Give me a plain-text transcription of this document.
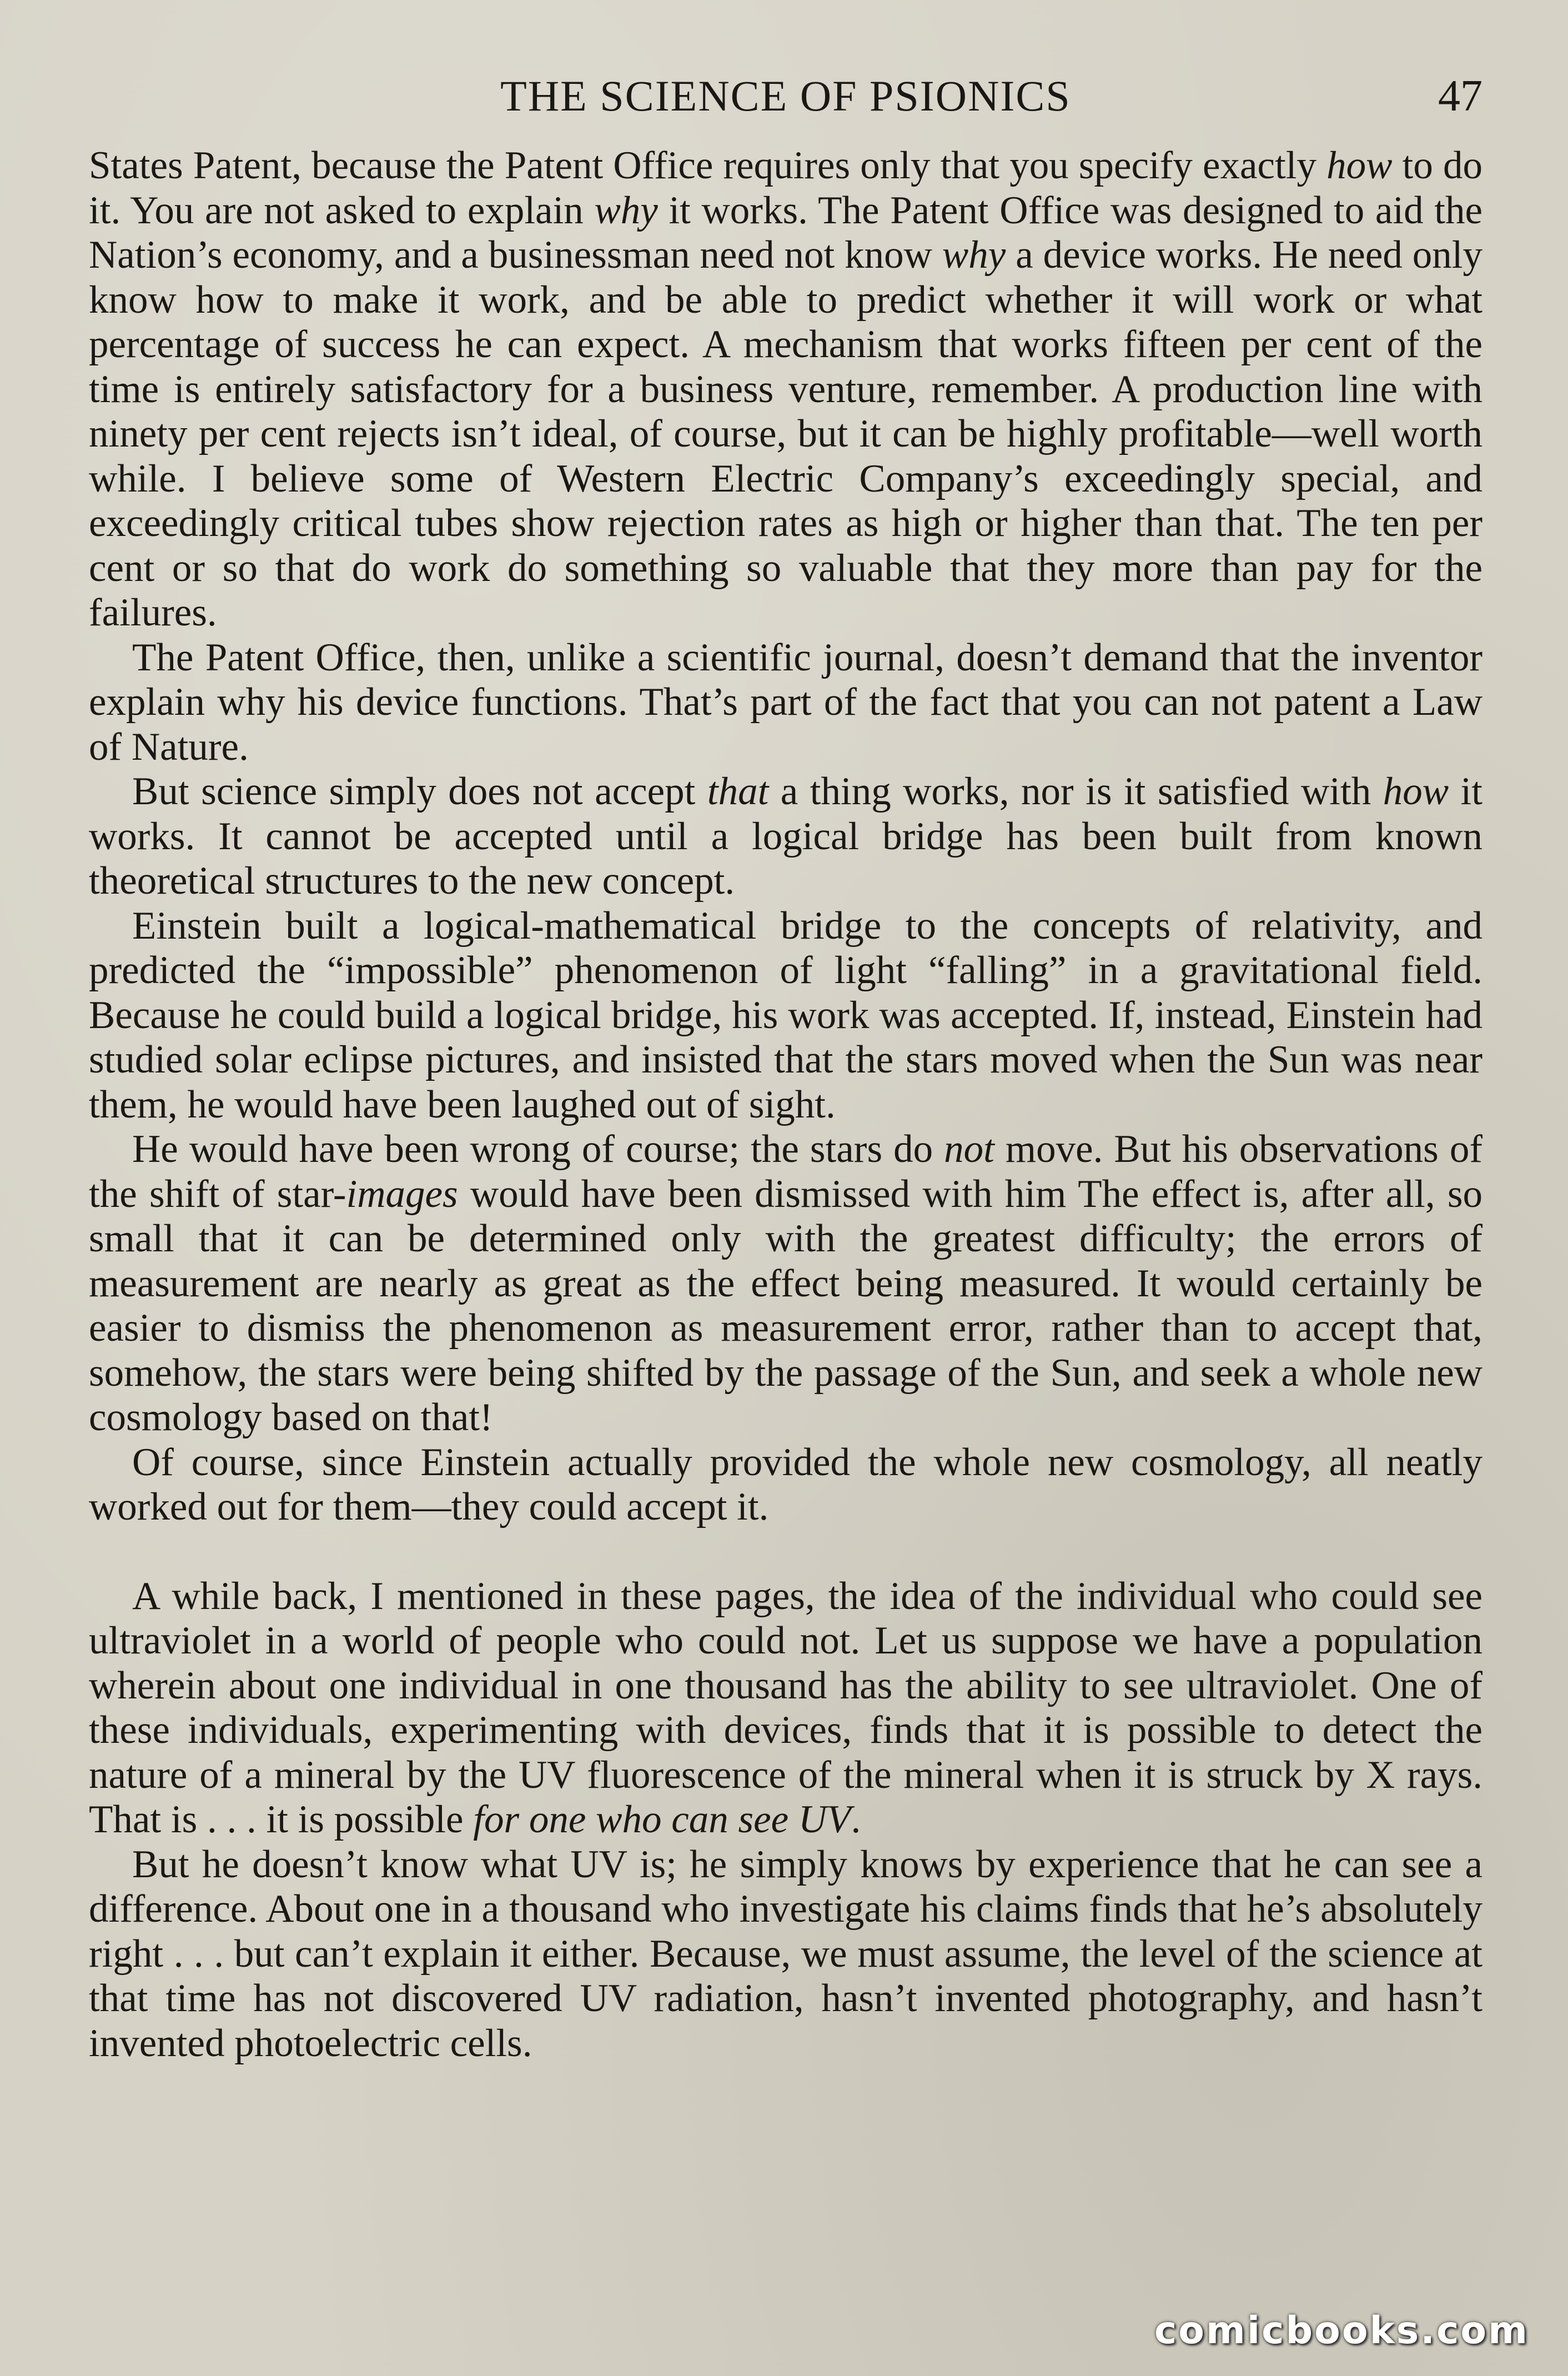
THE SCIENCE OF PSIONICS	47

States Patent, because the Patent Office requires only that you specify exactly how to do it. You are not asked to explain why it works. The Patent Office was designed to aid the Nation’s economy, and a businessman need not know why a device works. He need only know how to make it work, and be able to predict whether it will work or what percentage of success he can expect. A mechanism that works fifteen per cent of the time is entirely satisfactory for a business venture, remember. A production line with ninety per cent rejects isn’t ideal, of course, but it can be highly profitable—well worth while. I believe some of Western Electric Company’s exceedingly special, and exceedingly critical tubes show rejection rates as high or higher than that. The ten per cent or so that do work do something so valuable that they more than pay for the failures.

The Patent Office, then, unlike a scientific journal, doesn’t demand that the inventor explain why his device functions. That’s part of the fact that you can not patent a Law of Nature.

But science simply does not accept that a thing works, nor is it satisfied with how it works. It cannot be accepted until a logical bridge has been built from known theoretical structures to the new concept.

Einstein built a logical-mathematical bridge to the concepts of relativity, and predicted the “impossible” phenomenon of light “falling” in a gravitational field. Because he could build a logical bridge, his work was accepted. If, instead, Einstein had studied solar eclipse pictures, and insisted that the stars moved when the Sun was near them, he would have been laughed out of sight.

He would have been wrong of course; the stars do not move. But his observations of the shift of star-images would have been dismissed with him The effect is, after all, so small that it can be determined only with the greatest difficulty; the errors of measurement are nearly as great as the effect being measured. It would certainly be easier to dismiss the phenomenon as measurement error, rather than to accept that, somehow, the stars were being shifted by the passage of the Sun, and seek a whole new cosmology based on that!

Of course, since Einstein actually provided the whole new cosmology, all neatly worked out for them—they could accept it.

A while back, I mentioned in these pages, the idea of the individual who could see ultraviolet in a world of people who could not. Let us suppose we have a population wherein about one individual in one thousand has the ability to see ultraviolet. One of these individuals, experimenting with devices, finds that it is possible to detect the nature of a mineral by the UV fluorescence of the mineral when it is struck by X rays. That is . . . it is possible for one who can see UV.

But he doesn’t know what UV is; he simply knows by experience that he can see a difference. About one in a thousand who investigate his claims finds that he’s absolutely right . . . but can’t explain it either. Because, we must assume, the level of the science at that time has not discovered UV radiation, hasn’t invented photography, and hasn’t invented photoelectric cells.

comicbooks.com
